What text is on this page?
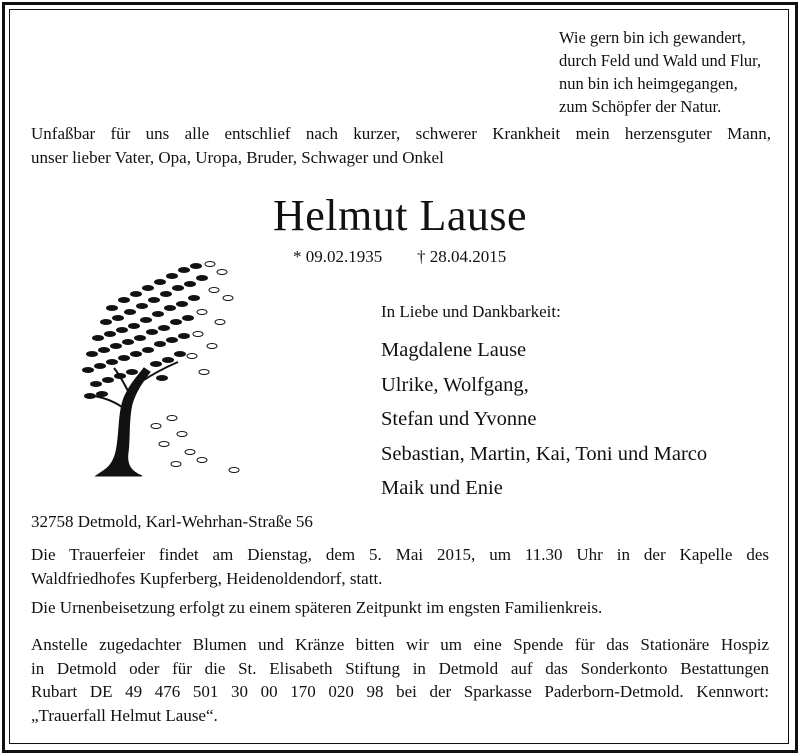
Wie gern bin ich gewandert,
durch Feld und Wald und Flur,
nun bin ich heimgegangen,
zum Schöpfer der Natur.
Unfaßbar für uns alle entschlief nach kurzer, schwerer Krankheit mein herzensguter Mann,
unser lieber Vater, Opa, Uropa, Bruder, Schwager und Onkel
Helmut Lause
* 09.02.1935 † 28.04.2015
In Liebe und Dankbarkeit:
Magdalene Lause
Ulrike, Wolfgang,
Stefan und Yvonne
Sebastian, Martin, Kai, Toni und Marco
Maik und Enie
32758 Detmold, Karl-Wehrhan-Straße 56
Die Trauerfeier findet am Dienstag, dem 5. Mai 2015, um 11.30 Uhr in der Kapelle des
Waldfriedhofes Kupferberg, Heidenoldendorf, statt.
Die Urnenbeisetzung erfolgt zu einem späteren Zeitpunkt im engsten Familienkreis.
Anstelle zugedachter Blumen und Kränze bitten wir um eine Spende für das Stationäre Hospiz
in Detmold oder für die St. Elisabeth Stiftung in Detmold auf das Sonderkonto Bestattungen
Rubart DE 49 476 501 30 00 170 020 98 bei der Sparkasse Paderborn-Detmold. Kennwort:
„Trauerfall Helmut Lause“.
